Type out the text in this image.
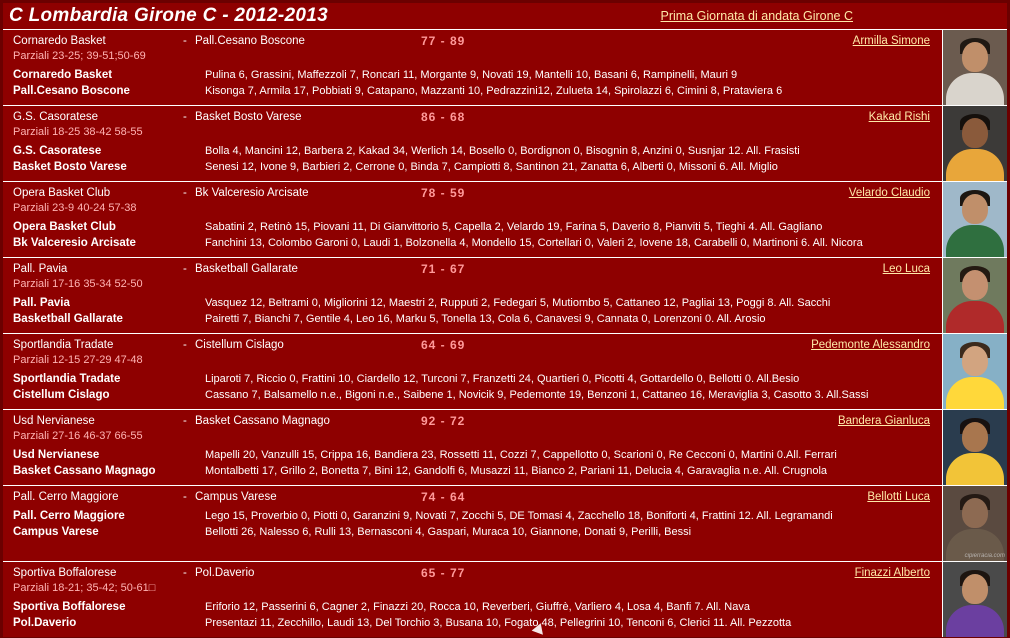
C Lombardia Girone C - 2012-2013	Prima Giornata di andata Girone C
Cornaredo Basket	- Pall.Cesano Boscone	77 - 89	Armilla Simone
Parziali 23-25; 39-51;50-69
Cornaredo Basket	Pulina 6, Grassini, Maffezzoli 7, Roncari 11, Morgante 9, Novati 19, Mantelli 10, Basani 6, Rampinelli, Mauri 9
Pall.Cesano Boscone	Kisonga 7, Armila 17, Pobbiati 9, Catapano, Mazzanti 10, Pedrazzini12, Zulueta 14, Spirolazzi 6, Cimini 8, Prataviera 6
G.S. Casoratese	- Basket Bosto Varese	86 - 68	Kakad Rishi
Parziali 18-25 38-42 58-55
G.S. Casoratese	Bolla 4, Mancini 12, Barbera 2, Kakad 34, Werlich 14, Bosello 0, Bordignon 0, Bisognin 8, Anzini 0, Susnjar 12. All. Frasisti
Basket Bosto Varese	Senesi 12, Ivone 9, Barbieri 2, Cerrone 0, Binda 7, Campiotti 8, Santinon 21, Zanatta 6, Alberti 0, Missoni 6. All. Miglio
Opera Basket Club	- Bk Valceresio Arcisate	78 - 59	Velardo Claudio
Parziali 23-9 40-24 57-38
Opera Basket Club	Sabatini 2, Retinò 15, Piovani 11, Di Gianvittorio 5, Capella 2, Velardo 19, Farina 5, Daverio 8, Pianviti 5, Tieghi 4. All. Gagliano
Bk Valceresio Arcisate	Fanchini 13, Colombo Garoni 0, Laudi 1, Bolzonella 4, Mondello 15, Cortellari 0, Valeri 2, Iovene 18, Carabelli 0, Martinoni 6. All. Nicora
Pall. Pavia	- Basketball Gallarate	71 - 67	Leo Luca
Parziali 17-16 35-34 52-50
Pall. Pavia	Vasquez 12, Beltrami 0, Migliorini 12, Maestri 2, Rupputi 2, Fedegari 5, Mutiombo 5, Cattaneo 12, Pagliai 13, Poggi 8. All. Sacchi
Basketball Gallarate	Pairetti 7, Bianchi 7, Gentile 4, Leo 16, Marku 5, Tonella 13, Cola 6, Canavesi 9, Cannata 0, Lorenzoni 0. All. Arosio
Sportlandia Tradate	- Cistellum Cislago	64 - 69	Pedemonte Alessandro
Parziali 12-15 27-29 47-48
Sportlandia Tradate	Liparoti 7, Riccio 0, Frattini 10, Ciardello 12, Turconi 7, Franzetti 24, Quartieri 0, Picotti 4, Gottardello 0, Bellotti 0. All.Besio
Cistellum Cislago	Cassano 7, Balsamello n.e., Bigoni n.e., Saibene 1, Novicik 9, Pedemonte 19, Benzoni 1, Cattaneo 16, Meraviglia 3, Casotto 3. All.Sassi
Usd Nervianese	- Basket Cassano Magnago	92 - 72	Bandera Gianluca
Parziali 27-16 46-37 66-55
Usd Nervianese	Mapelli 20, Vanzulli 15, Crippa 16, Bandiera 23, Rossetti 11, Cozzi 7, Cappellotto 0, Scarioni 0, Re Cecconi 0, Martini 0.All. Ferrari
Basket Cassano Magnago	Montalbetti 17, Grillo 2, Bonetta 7, Bini 12, Gandolfi 6, Musazzi 11, Bianco 2, Pariani 11, Delucia 4, Garavaglia n.e. All. Crugnola
Pall. Cerro Maggiore	- Campus Varese	74 - 64	Bellotti Luca
Pall. Cerro Maggiore	Lego 15, Proverbio 0, Piotti 0, Garanzini 9, Novati 7, Zocchi 5, DE Tomasi 4, Zacchello 18, Boniforti 4, Frattini 12. All. Legramandi
Campus Varese	Bellotti 26, Nalesso 6, Rulli 13, Bernasconi 4, Gaspari, Muraca 10, Giannone, Donati 9, Perilli, Bessi
cipierracia.com
Sportiva Boffalorese	- Pol.Daverio	65 - 77	Finazzi Alberto
Parziali 18-21; 35-42; 50-61□
Sportiva Boffalorese	Eriforio 12, Passerini 6, Cagner 2, Finazzi 20, Rocca 10, Reverberi, Giuffrè, Varliero 4, Losa 4, Banfi 7. All. Nava
Pol.Daverio	Presentazi 11, Zecchillo, Laudi 13, Del Torchio 3, Busana 10, Fogato 48, Pellegrini 10, Tenconi 6, Clerici 11. All. Pezzotta
